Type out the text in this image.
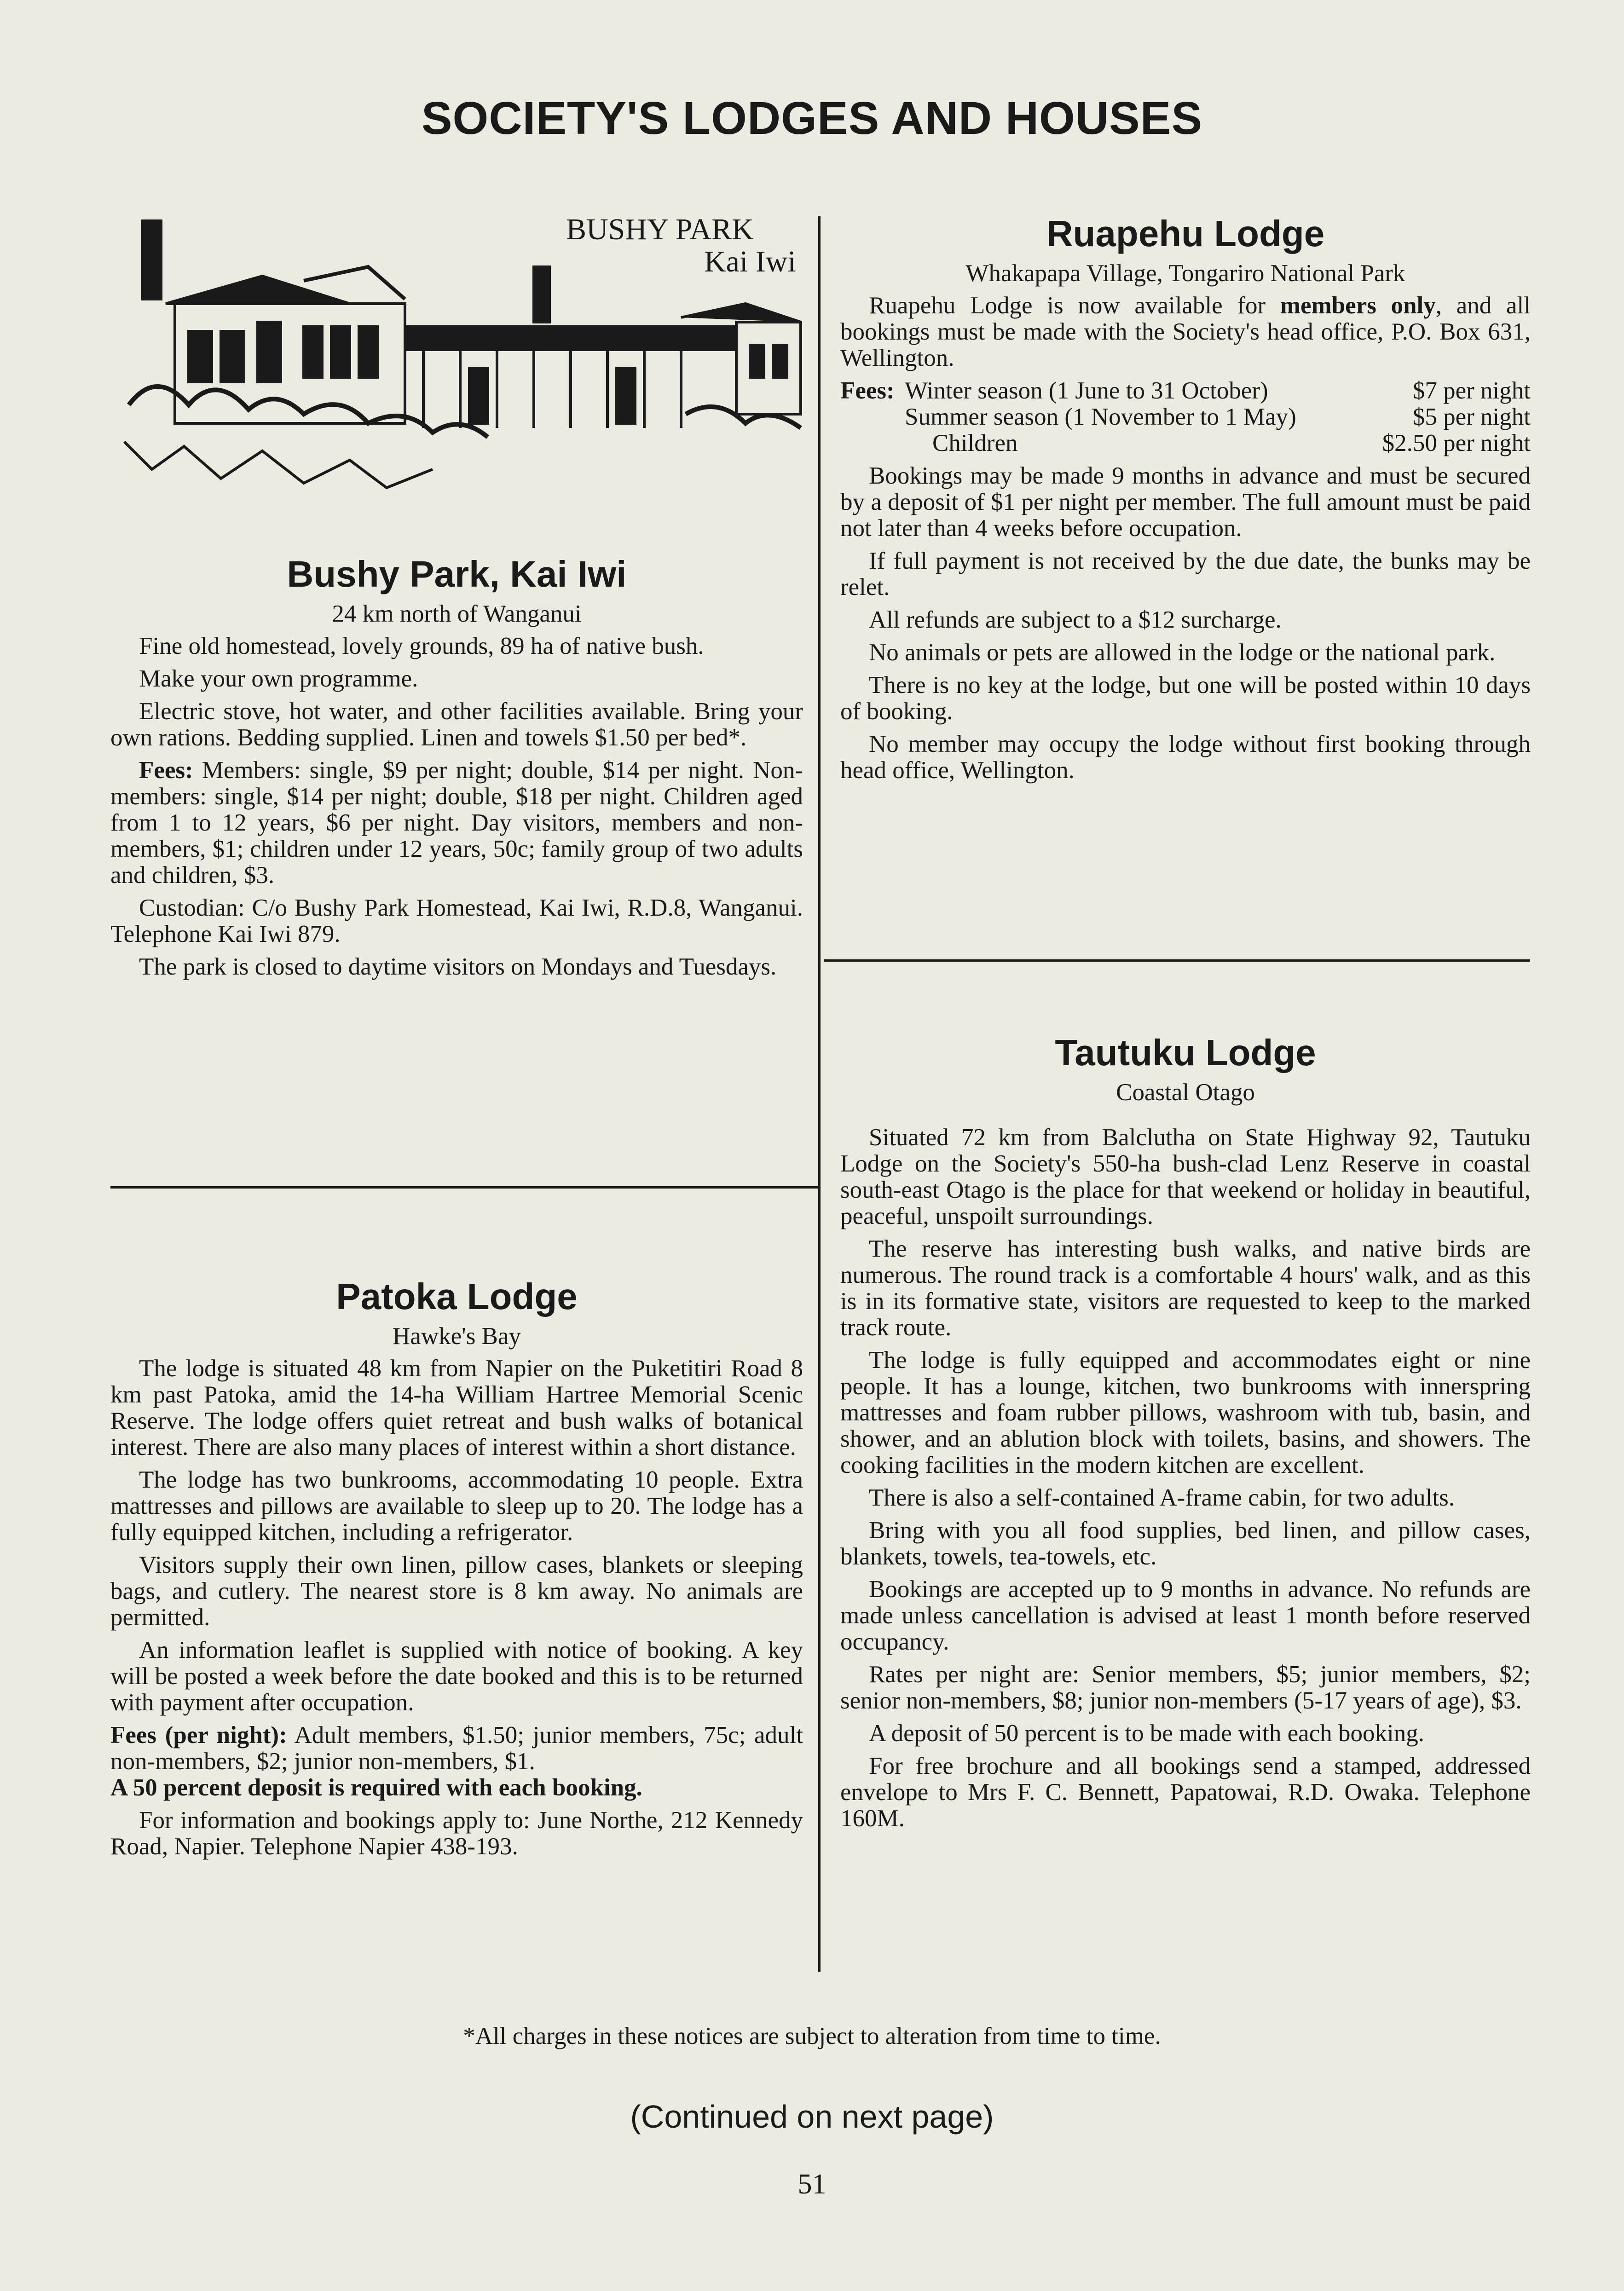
SOCIETY'S LODGES AND HOUSES
BUSHY PARK
Kai Iwi
Bushy Park, Kai Iwi
24 km north of Wanganui

Fine old homestead, lovely grounds, 89 ha of native bush.

Make your own programme.

Electric stove, hot water, and other facilities available. Bring your own rations. Bedding supplied. Linen and towels $1.50 per bed*.

Fees: Members: single, $9 per night; double, $14 per night. Non-members: single, $14 per night; double, $18 per night. Children aged from 1 to 12 years, $6 per night. Day visitors, members and non-members, $1; children under 12 years, 50c; family group of two adults and children, $3.

Custodian: C/o Bushy Park Homestead, Kai Iwi, R.D.8, Wanganui. Telephone Kai Iwi 879.

The park is closed to daytime visitors on Mondays and Tuesdays.

Patoka Lodge
Hawke's Bay

The lodge is situated 48 km from Napier on the Puketitiri Road 8 km past Patoka, amid the 14-ha William Hartree Memorial Scenic Reserve. The lodge offers quiet retreat and bush walks of botanical interest. There are also many places of interest within a short distance.

The lodge has two bunkrooms, accommodating 10 people. Extra mattresses and pillows are available to sleep up to 20. The lodge has a fully equipped kitchen, including a refrigerator.

Visitors supply their own linen, pillow cases, blankets or sleeping bags, and cutlery. The nearest store is 8 km away. No animals are permitted.

An information leaflet is supplied with notice of booking. A key will be posted a week before the date booked and this is to be returned with payment after occupation.

Fees (per night): Adult members, $1.50; junior members, 75c; adult non-members, $2; junior non-members, $1.

A 50 percent deposit is required with each booking.

For information and bookings apply to: June Northe, 212 Kennedy Road, Napier. Telephone Napier 438-193.

Ruapehu Lodge
Whakapapa Village, Tongariro National Park

Ruapehu Lodge is now available for members only, and all bookings must be made with the Society's head office, P.O. Box 631, Wellington.

Fees:	Winter season (1 June to 31 October)	$7 per night
	Summer season (1 November to 1 May)	$5 per night
	Children	$2.50 per night

Bookings may be made 9 months in advance and must be secured by a deposit of $1 per night per member. The full amount must be paid not later than 4 weeks before occupation.

If full payment is not received by the due date, the bunks may be relet.

All refunds are subject to a $12 surcharge.

No animals or pets are allowed in the lodge or the national park.

There is no key at the lodge, but one will be posted within 10 days of booking.

No member may occupy the lodge without first booking through head office, Wellington.

Tautuku Lodge
Coastal Otago

Situated 72 km from Balclutha on State Highway 92, Tautuku Lodge on the Society's 550-ha bush-clad Lenz Reserve in coastal south-east Otago is the place for that weekend or holiday in beautiful, peaceful, unspoilt surroundings.

The reserve has interesting bush walks, and native birds are numerous. The round track is a comfortable 4 hours' walk, and as this is in its formative state, visitors are requested to keep to the marked track route.

The lodge is fully equipped and accommodates eight or nine people. It has a lounge, kitchen, two bunkrooms with innerspring mattresses and foam rubber pillows, washroom with tub, basin, and shower, and an ablution block with toilets, basins, and showers. The cooking facilities in the modern kitchen are excellent.

There is also a self-contained A-frame cabin, for two adults.

Bring with you all food supplies, bed linen, and pillow cases, blankets, towels, tea-towels, etc.

Bookings are accepted up to 9 months in advance. No refunds are made unless cancellation is advised at least 1 month before reserved occupancy.

Rates per night are: Senior members, $5; junior members, $2; senior non-members, $8; junior non-members (5-17 years of age), $3.

A deposit of 50 percent is to be made with each booking.

For free brochure and all bookings send a stamped, addressed envelope to Mrs F. C. Bennett, Papatowai, R.D. Owaka. Telephone 160M.

*All charges in these notices are subject to alteration from time to time.

(Continued on next page)

51
